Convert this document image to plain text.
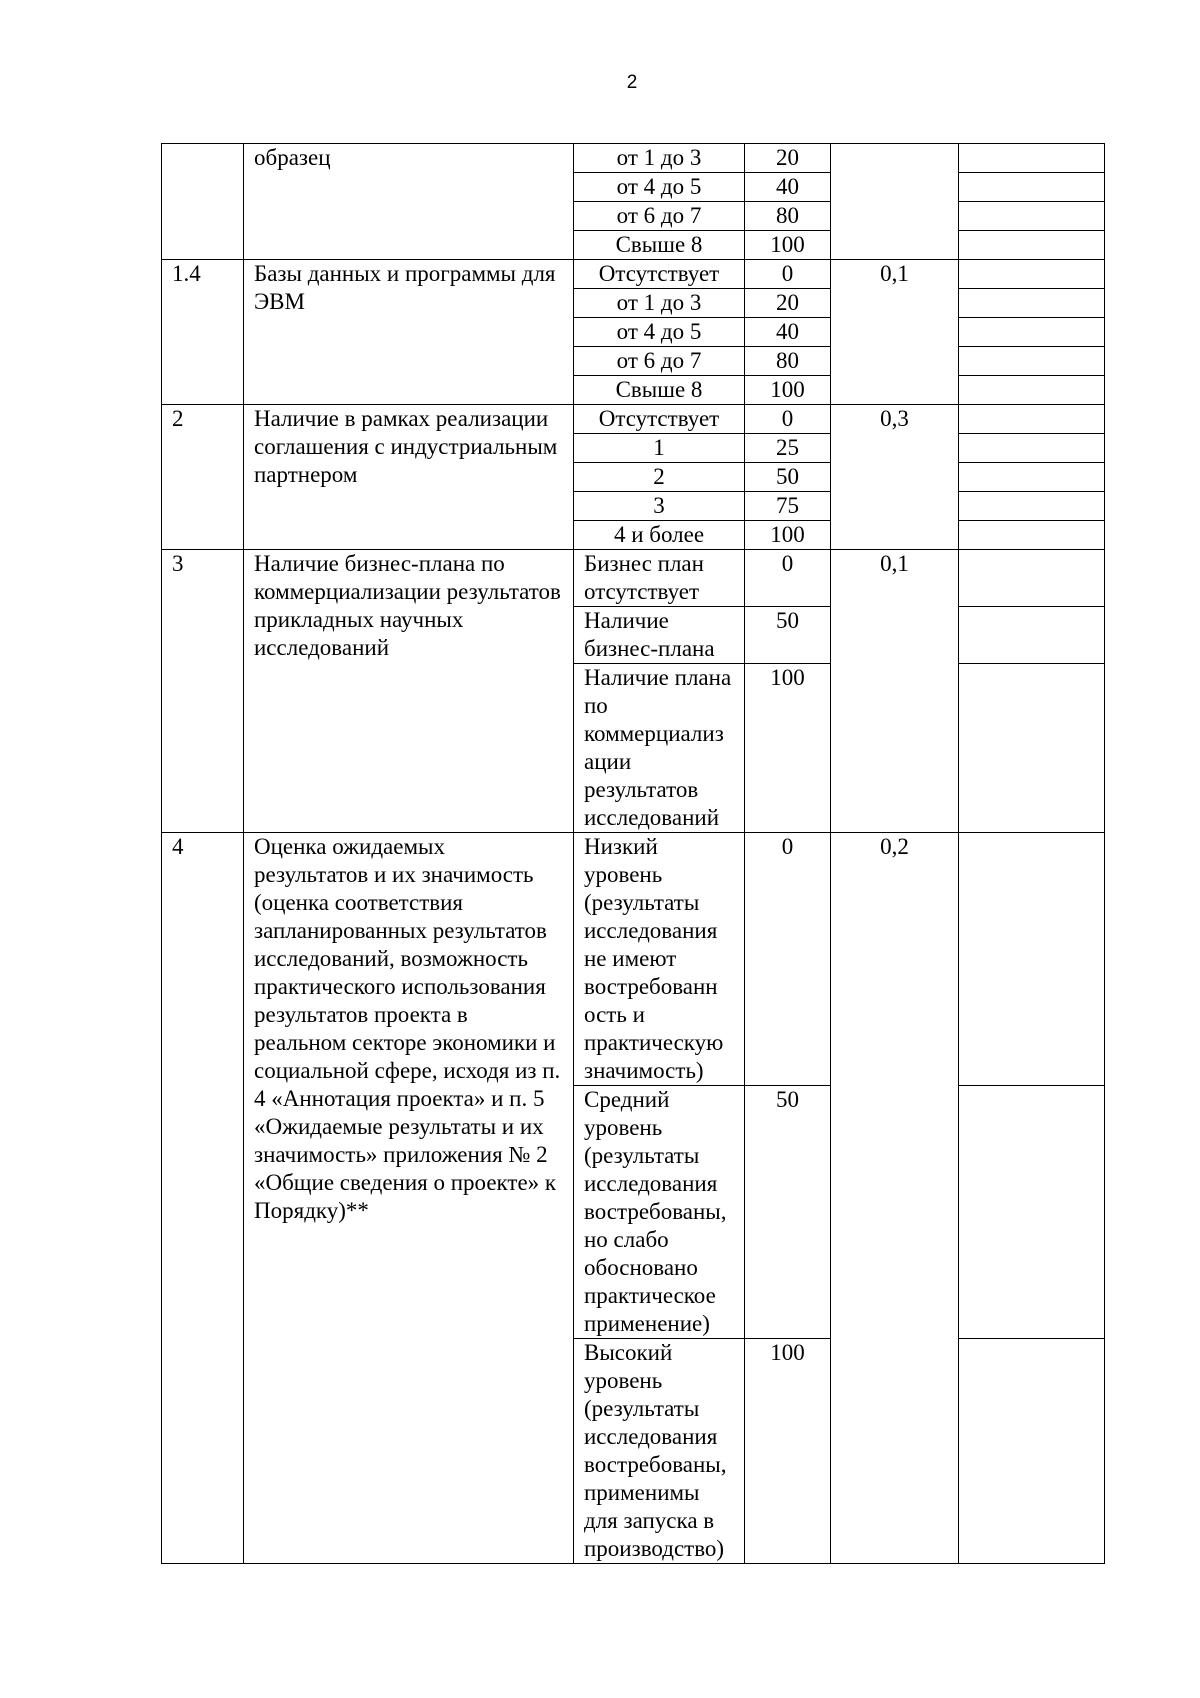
2
	образец	от 1 до 3	20		
		от 4 до 5	40		
		от 6 до 7	80		
		Свыше 8	100		
1.4	Базы данных и программы для ЭВМ	Отсутствует	0	0,1	
		от 1 до 3	20		
		от 4 до 5	40		
		от 6 до 7	80		
		Свыше 8	100		
2	Наличие в рамках реализации соглашения с индустриальным партнером	Отсутствует	0	0,3	
		1	25		
		2	50		
		3	75		
		4 и более	100		
3	Наличие бизнес-плана по коммерциализации результатов прикладных научных исследований	Бизнес план отсутствует	0	0,1	
		Наличие бизнес-плана	50		
		Наличие плана по коммерциализ ации результатов исследований	100		
4	Оценка ожидаемых результатов и их значимость (оценка соответствия запланированных результатов исследований, возможность практического использования результатов проекта в реальном секторе экономики и социальной сфере, исходя из п. 4 «Аннотация проекта» и п. 5 «Ожидаемые результаты и их значимость» приложения № 2 «Общие сведения о проекте» к Порядку)**	Низкий уровень (результаты исследования не имеют востребованн ость и практическую значимость)	0	0,2	
		Средний уровень (результаты исследования востребованы, но слабо обосновано практическое применение)	50		
		Высокий уровень (результаты исследования востребованы, применимы для запуска в производство)	100		
